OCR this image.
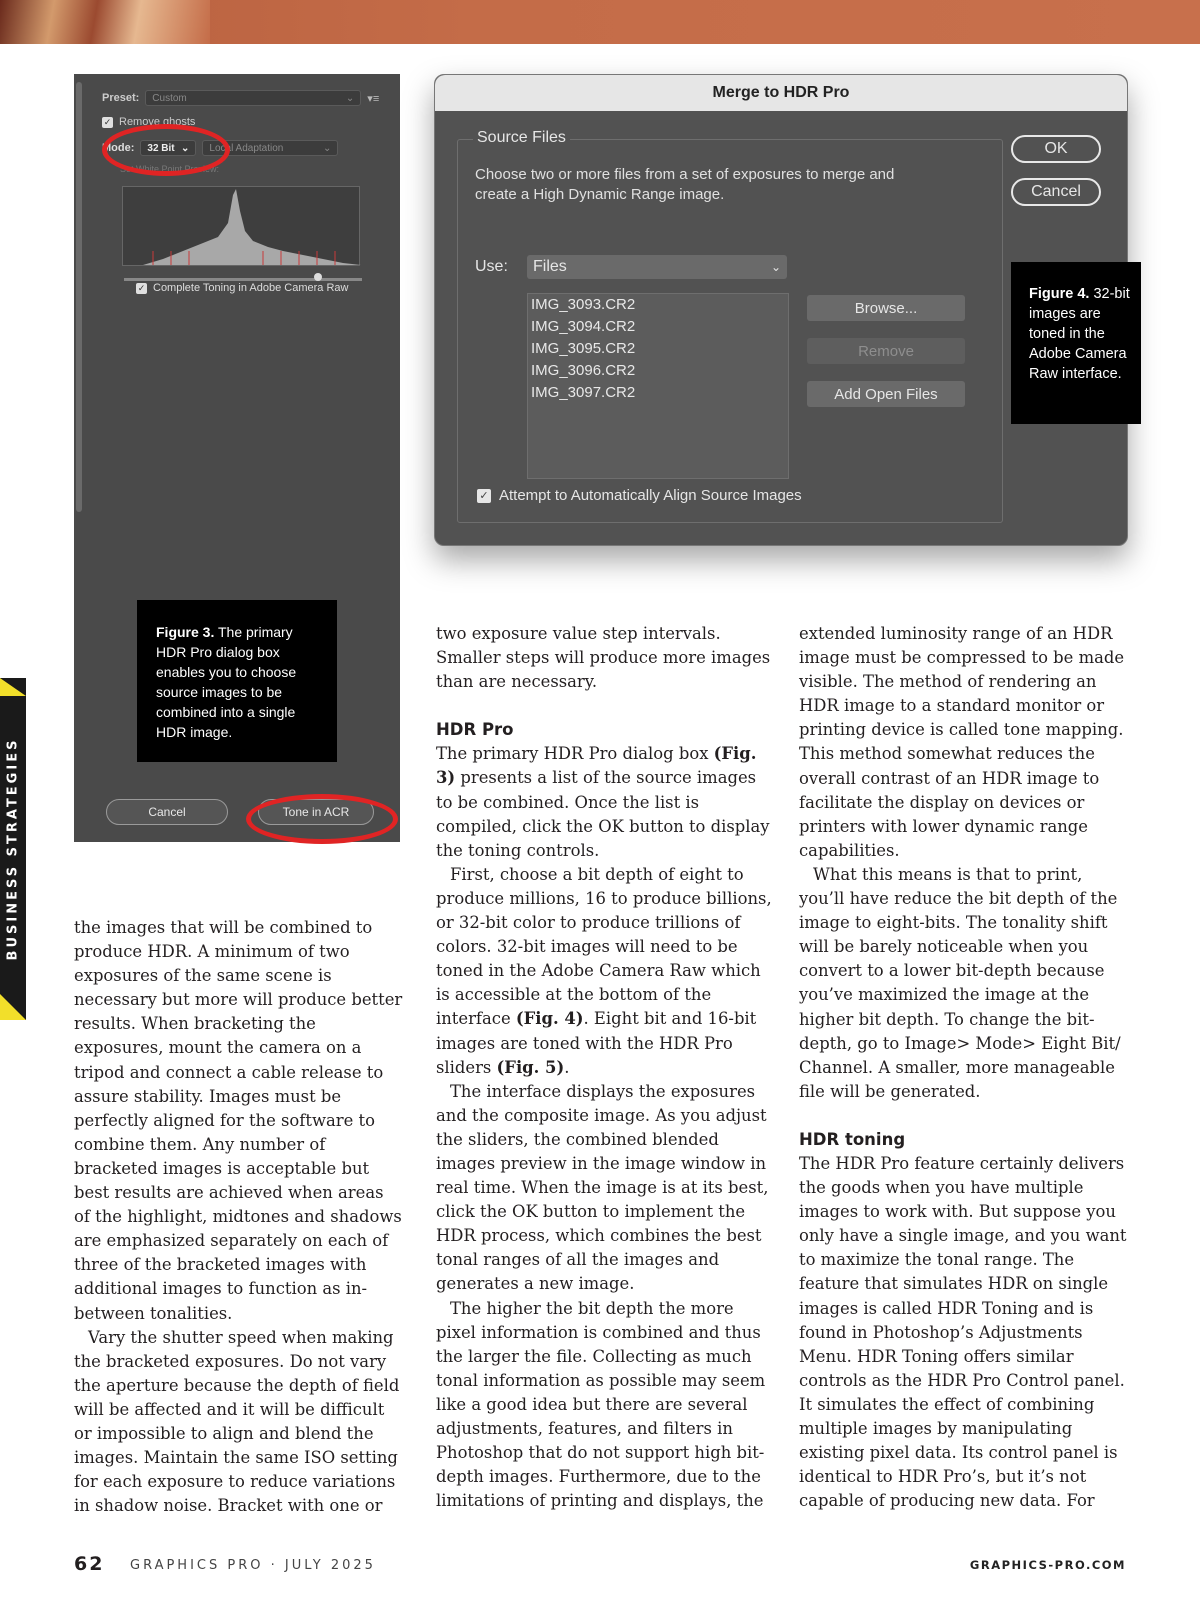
BUSINESS STRATEGIES
Preset: Custom	⌄ ▾≡
✓ Remove ghosts
Mode: 32 Bit ⌄ Local Adaptation	⌄
Set White Point Preview:
✓ Complete Toning in Adobe Camera Raw
Cancel	Tone in ACR
Figure 3. The primary HDR Pro dialog box enables you to choose source images to be combined into a single HDR image.
Merge to HDR Pro
Source Files
Choose two or more files from a set of exposures to merge and create a High Dynamic Range image.
Use: Files	⌄
IMG_3093.CR2
IMG_3094.CR2
IMG_3095.CR2
IMG_3096.CR2
IMG_3097.CR2
Browse...
Remove
Add Open Files
OK
Cancel
✓ Attempt to Automatically Align Source Images
Figure 4. 32-bit images are toned in the Adobe Camera Raw interface.

the images that will be combined to produce HDR. A minimum of two exposures of the same scene is necessary but more will produce better results. When bracketing the exposures, mount the camera on a tripod and connect a cable release to assure stability. Images must be perfectly aligned for the software to combine them. Any number of bracketed images is acceptable but best results are achieved when areas of the highlight, midtones and shadows are emphasized separately on each of three of the bracketed images with additional images to function as in-between tonalities.

Vary the shutter speed when making the bracketed exposures. Do not vary the aperture because the depth of field will be affected and it will be difficult or impossible to align and blend the images. Maintain the same ISO setting for each exposure to reduce variations in shadow noise. Bracket with one or

two exposure value step intervals. Smaller steps will produce more images than are necessary.

HDR Pro

The primary HDR Pro dialog box (Fig. 3) presents a list of the source images to be combined. Once the list is compiled, click the OK button to display the toning controls.

First, choose a bit depth of eight to produce millions, 16 to produce billions, or 32-bit color to produce trillions of colors. 32-bit images will need to be toned in the Adobe Camera Raw which is accessible at the bottom of the interface (Fig. 4). Eight bit and 16-bit images are toned with the HDR Pro sliders (Fig. 5).

The interface displays the exposures and the composite image. As you adjust the sliders, the combined blended images preview in the image window in real time. When the image is at its best, click the OK button to implement the HDR process, which combines the best tonal ranges of all the images and generates a new image.

The higher the bit depth the more pixel information is combined and thus the larger the file. Collecting as much tonal information as possible may seem like a good idea but there are several adjustments, features, and filters in Photoshop that do not support high bit-depth images. Furthermore, due to the limitations of printing and displays, the

extended luminosity range of an HDR image must be compressed to be made visible. The method of rendering an HDR image to a standard monitor or printing device is called tone mapping. This method somewhat reduces the overall contrast of an HDR image to facilitate the display on devices or printers with lower dynamic range capabilities.

What this means is that to print, you’ll have reduce the bit depth of the image to eight-bits. The tonality shift will be barely noticeable when you convert to a lower bit-depth because you’ve maximized the image at the higher bit depth. To change the bit-depth, go to Image> Mode> Eight Bit/ Channel. A smaller, more manageable file will be generated.

HDR toning

The HDR Pro feature certainly delivers the goods when you have multiple images to work with. But suppose you only have a single image, and you want to maximize the tonal range. The feature that simulates HDR on single images is called HDR Toning and is found in Photoshop’s Adjustments Menu. HDR Toning offers similar controls as the HDR Pro Control panel. It simulates the effect of combining multiple images by manipulating existing pixel data. Its control panel is identical to HDR Pro’s, but it’s not capable of producing new data. For

62 GRAPHICS PRO · JULY 2025	GRAPHICS-PRO.COM
